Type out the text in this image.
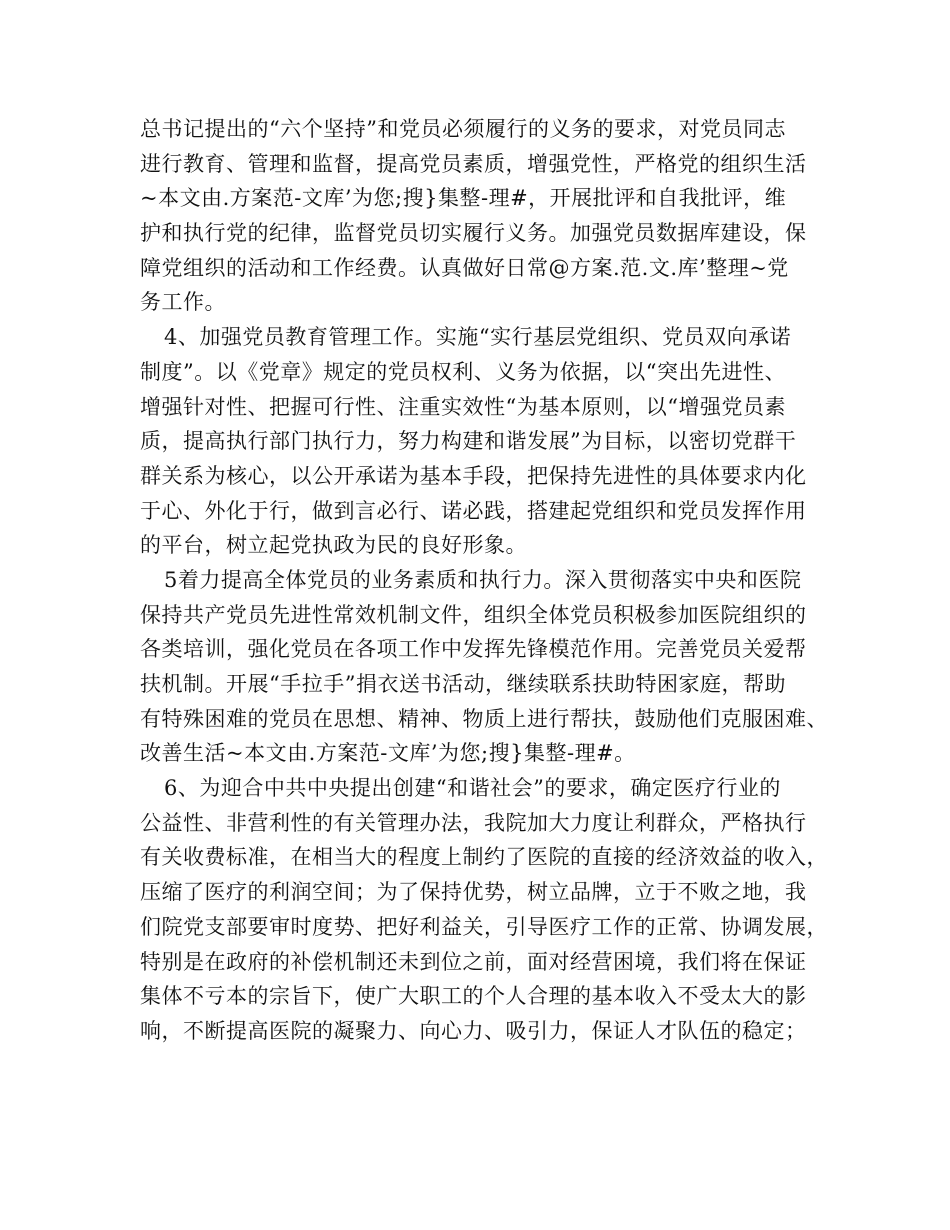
总书记提出的“六个坚持”和党员必须履行的义务的要求，对党员同志
进行教育、管理和监督，提高党员素质，增强党性，严格党的组织生活
~本文由.方案范-文库’为您;搜}集整-理#，开展批评和自我批评，维
护和执行党的纪律，监督党员切实履行义务。加强党员数据库建设，保
障党组织的活动和工作经费。认真做好日常@方案.范.文.库’整理~党
务工作。
4、加强党员教育管理工作。实施“实行基层党组织、党员双向承诺
制度”。以《党章》规定的党员权利、义务为依据，以“突出先进性、
增强针对性、把握可行性、注重实效性“为基本原则，以“增强党员素
质，提高执行部门执行力，努力构建和谐发展”为目标，以密切党群干
群关系为核心，以公开承诺为基本手段，把保持先进性的具体要求内化
于心、外化于行，做到言必行、诺必践，搭建起党组织和党员发挥作用
的平台，树立起党执政为民的良好形象。
5着力提高全体党员的业务素质和执行力。深入贯彻落实中央和医院
保持共产党员先进性常效机制文件，组织全体党员积极参加医院组织的
各类培训，强化党员在各项工作中发挥先锋模范作用。完善党员关爱帮
扶机制。开展“手拉手”捐衣送书活动，继续联系扶助特困家庭，帮助
有特殊困难的党员在思想、精神、物质上进行帮扶，鼓励他们克服困难、
改善生活~本文由.方案范-文库’为您;搜}集整-理#。
6、为迎合中共中央提出创建“和谐社会”的要求，确定医疗行业的
公益性、非营利性的有关管理办法，我院加大力度让利群众，严格执行
有关收费标准，在相当大的程度上制约了医院的直接的经济效益的收入，
压缩了医疗的利润空间；为了保持优势，树立品牌，立于不败之地，我
们院党支部要审时度势、把好利益关，引导医疗工作的正常、协调发展，
特别是在政府的补偿机制还未到位之前，面对经营困境，我们将在保证
集体不亏本的宗旨下，使广大职工的个人合理的基本收入不受太大的影
响，不断提高医院的凝聚力、向心力、吸引力，保证人才队伍的稳定；
